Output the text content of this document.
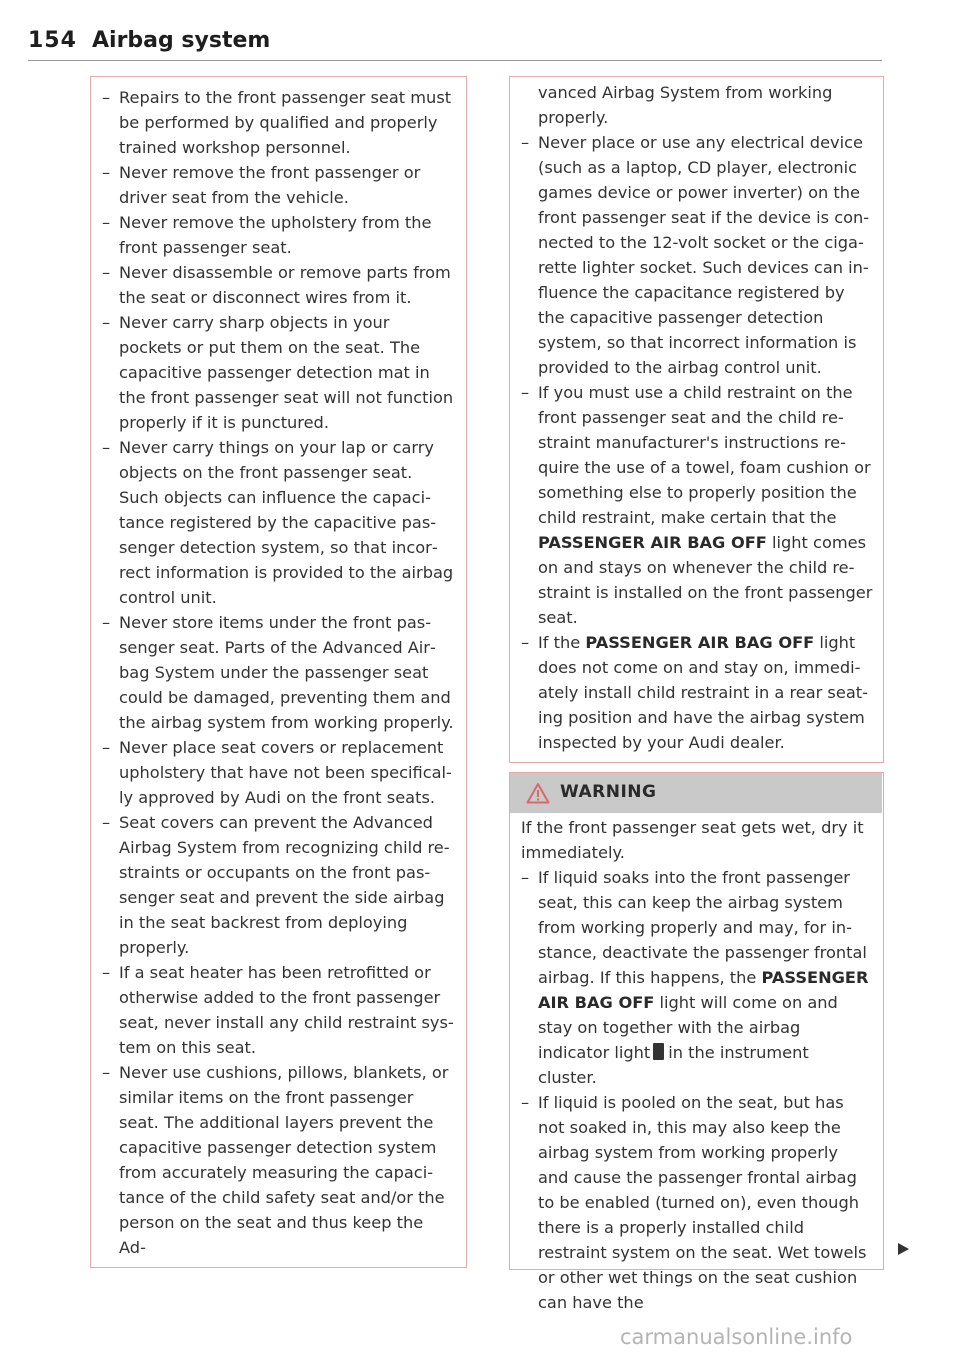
154 Airbag system
– Repairs to the front passenger seat must be performed by qualified and properly trained workshop personnel.
– Never remove the front passenger or driver seat from the vehicle.
– Never remove the upholstery from the front passenger seat.
– Never disassemble or remove parts from the seat or disconnect wires from it.
– Never carry sharp objects in your pockets or put them on the seat. The capacitive passenger detection mat in the front passenger seat will not function properly if it is punctured.
– Never carry things on your lap or carry objects on the front passenger seat. Such objects can influence the capacitance registered by the capacitive passenger detection system, so that incorrect information is provided to the airbag control unit.
– Never store items under the front passenger seat. Parts of the Advanced Airbag System under the passenger seat could be damaged, preventing them and the airbag system from working properly.
– Never place seat covers or replacement upholstery that have not been specifically approved by Audi on the front seats.
– Seat covers can prevent the Advanced Airbag System from recognizing child restraints or occupants on the front passenger seat and prevent the side airbag in the seat backrest from deploying properly.
– If a seat heater has been retrofitted or otherwise added to the front passenger seat, never install any child restraint system on this seat.
– Never use cushions, pillows, blankets, or similar items on the front passenger seat. The additional layers prevent the capacitive passenger detection system from accurately measuring the capacitance of the child safety seat and/or the person on the seat and thus keep the Ad-
vanced Airbag System from working properly.
– Never place or use any electrical device (such as a laptop, CD player, electronic games device or power inverter) on the front passenger seat if the device is connected to the 12-volt socket or the cigarette lighter socket. Such devices can influence the capacitance registered by the capacitive passenger detection system, so that incorrect information is provided to the airbag control unit.
– If you must use a child restraint on the front passenger seat and the child restraint manufacturer's instructions require the use of a towel, foam cushion or something else to properly position the child restraint, make certain that the PASSENGER AIR BAG OFF light comes on and stays on whenever the child restraint is installed on the front passenger seat.
– If the PASSENGER AIR BAG OFF light does not come on and stay on, immediately install child restraint in a rear seating position and have the airbag system inspected by your Audi dealer.
WARNING
If the front passenger seat gets wet, dry it immediately.
– If liquid soaks into the front passenger seat, this can keep the airbag system from working properly and may, for instance, deactivate the passenger frontal airbag. If this happens, the PASSENGER AIR BAG OFF light will come on and stay on together with the airbag indicator light in the instrument cluster.
– If liquid is pooled on the seat, but has not soaked in, this may also keep the airbag system from working properly and cause the passenger frontal airbag to be enabled (turned on), even though there is a properly installed child restraint system on the seat. Wet towels or other wet things on the seat cushion can have the
carmanualsonline.info
